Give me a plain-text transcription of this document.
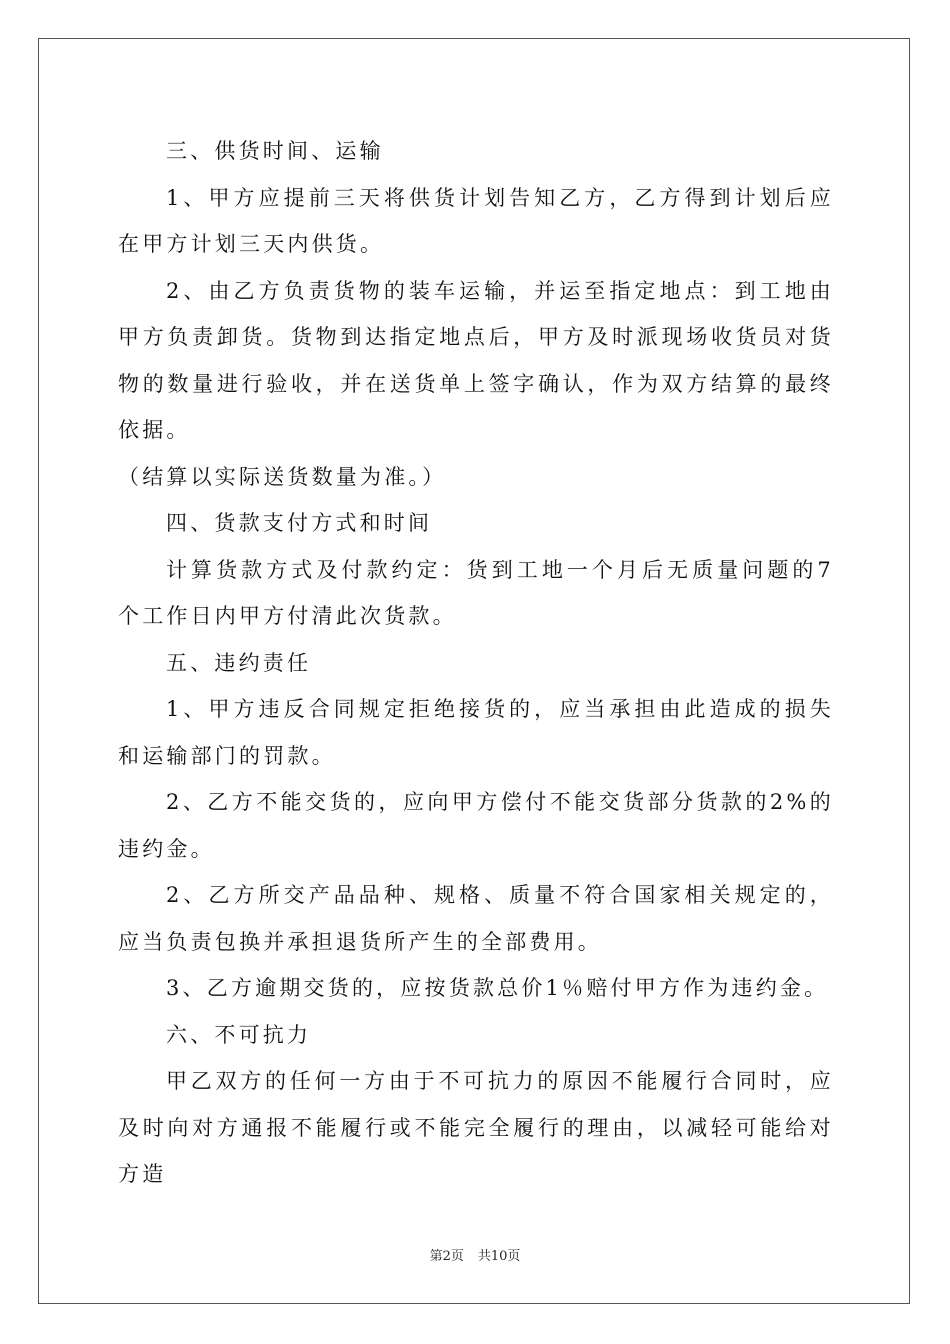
三、供货时间、运输

1、甲方应提前三天将供货计划告知乙方，乙方得到计划后应在甲方计划三天内供货。

2、由乙方负责货物的装车运输，并运至指定地点：到工地由甲方负责卸货。货物到达指定地点后，甲方及时派现场收货员对货物的数量进行验收，并在送货单上签字确认，作为双方结算的最终依据。

（结算以实际送货数量为准。）

四、货款支付方式和时间

计算货款方式及付款约定：货到工地一个月后无质量问题的7个工作日内甲方付清此次货款。

五、违约责任

1、甲方违反合同规定拒绝接货的，应当承担由此造成的损失和运输部门的罚款。

2、乙方不能交货的，应向甲方偿付不能交货部分货款的2%的违约金。

2、乙方所交产品品种、规格、质量不符合国家相关规定的，应当负责包换并承担退货所产生的全部费用。

3、乙方逾期交货的，应按货款总价1％赔付甲方作为违约金。

六、不可抗力

甲乙双方的任何一方由于不可抗力的原因不能履行合同时，应及时向对方通报不能履行或不能完全履行的理由，以减轻可能给对方造

第2页 共10页
